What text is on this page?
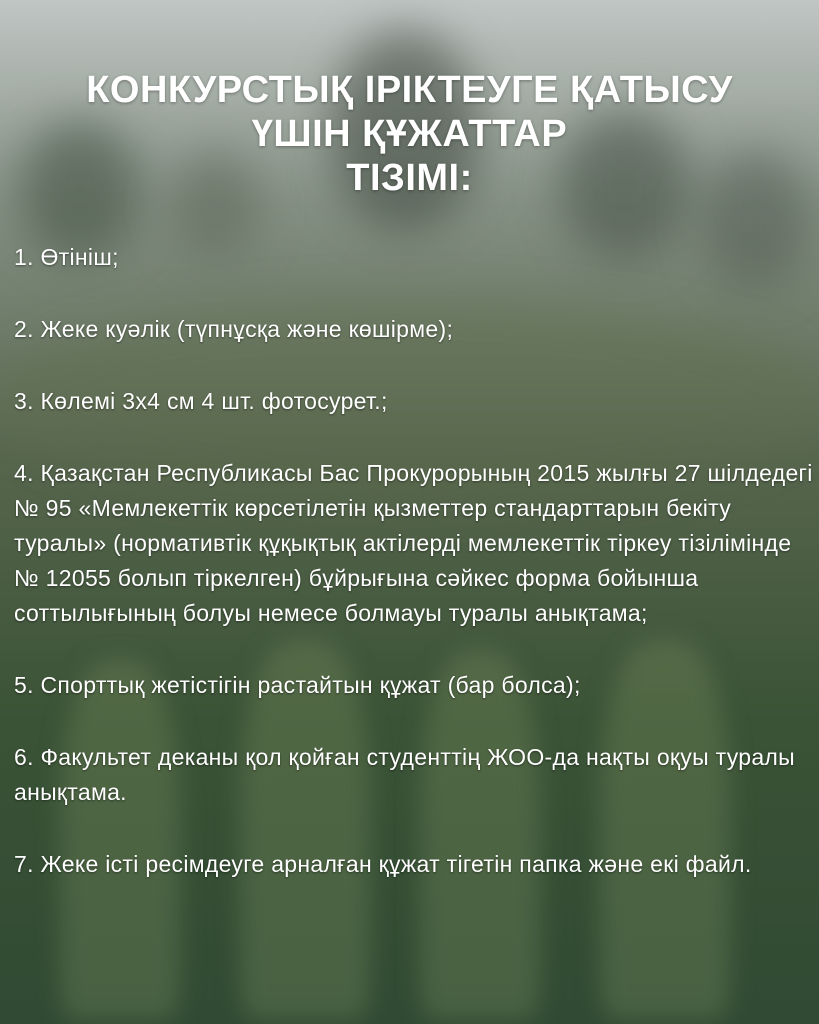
КОНКУРСТЫҚ ІРІКТЕУГЕ ҚАТЫСУ
ҮШІН ҚҰЖАТТАР
ТІЗІМІ:
1. Өтініш;
2. Жеке куәлік (түпнұсқа және көшірме);
3. Көлемі 3х4 см 4 шт. фотосурет.;
4. Қазақстан Республикасы Бас Прокурорының 2015 жылғы 27 шілдедегі № 95 «Мемлекеттік көрсетілетін қызметтер стандарттарын бекіту туралы» (нормативтік құқықтық актілерді мемлекеттік тіркеу тізілімінде № 12055 болып тіркелген) бұйрығына сәйкес форма бойынша соттылығының болуы немесе болмауы туралы анықтама;
5. Спорттық жетістігін растайтын құжат (бар болса);
6. Факультет деканы қол қойған студенттің ЖОО-да нақты оқуы туралы анықтама.
7. Жеке істі ресімдеуге арналған құжат тігетін папка және екі файл.
